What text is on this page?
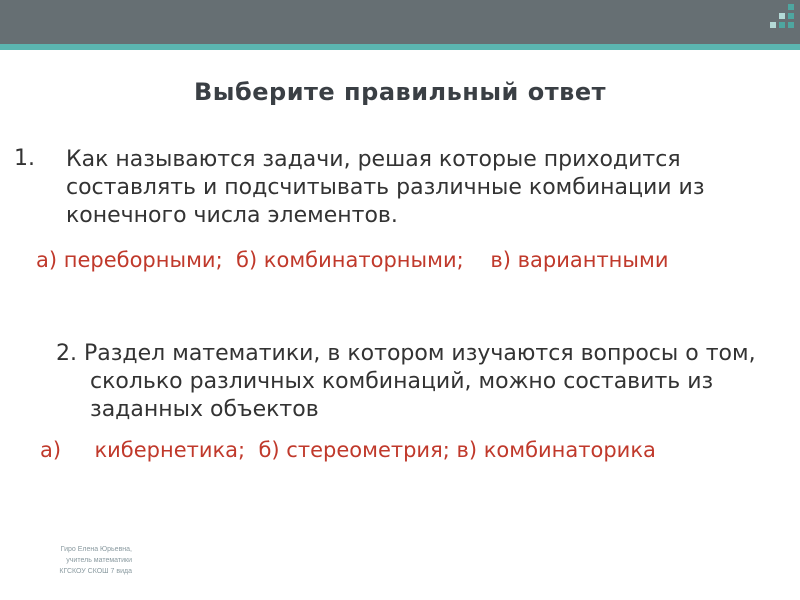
Выберите правильный ответ
1. Как называются задачи, решая которые приходится составлять и подсчитывать различные комбинации из конечного числа элементов.
а) переборными;  б) комбинаторными;    в) вариантными
2. Раздел математики, в котором изучаются вопросы о том, сколько различных комбинаций, можно составить из заданных объектов
а)     кибернетика;  б) стереометрия; в) комбинаторика
Гиро Елена Юрьевна,
учитель математики
КГСКОУ СКОШ 7 вида
